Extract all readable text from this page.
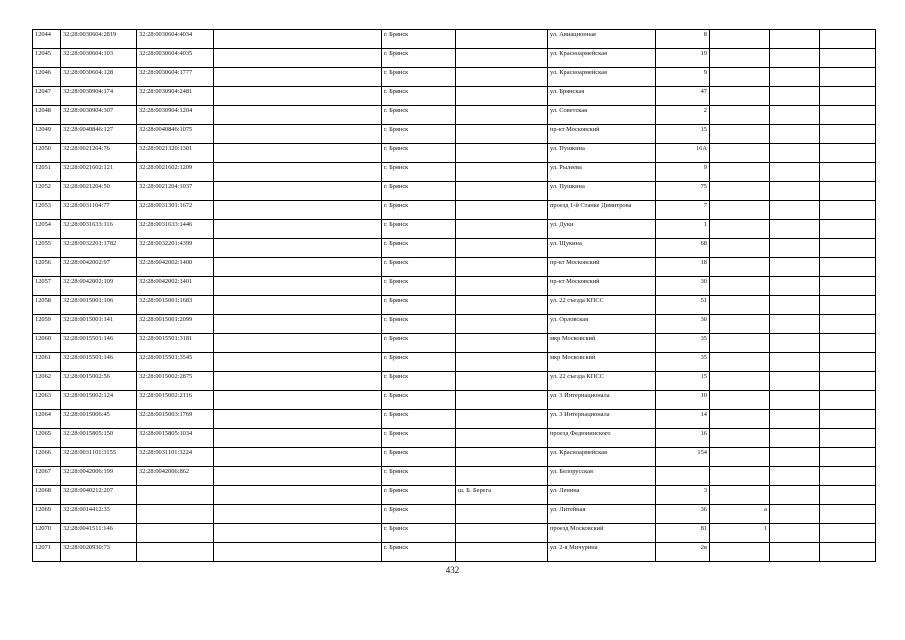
12044	32:28:0030604:2819	32:28:0030604:4034		г. Брянск		ул. Авиационная	8			
12045	32:28:0030604:103	32:28:0030604:4035		г. Брянск		ул. Красноармейская	19			
12046	32:28:0030604:128	32:28:0030604:1777		г. Брянск		ул. Красноармейская	9			
12047	32:28:0030904:174	32:28:0030904:2481		г. Брянск		ул. Брянская	47			
12048	32:28:0030904:307	32:28:0030904:1204		г. Брянск		ул. Советская	2			
12049	32:28:0040846:127	32:28:0040846:1075		г. Брянск		пр-кт Московский	15			
12050	32:28:0021204:76	32:28:0021320:1301		г. Брянск		ул. Пушкина	16А			
12051	32:28:0021602:121	32:28:0021602:1209		г. Брянск		ул. Рылеева	9			
12052	32:28:0021204:50	32:28:0021204:1037		г. Брянск		ул. Пушкина	75			
12053	32:28:0031104:77	32:28:0031301:1672		г. Брянск		проезд 1-й Станке Димитрова	7			
12054	32:28:0031633:116	32:28:0031633:1446		г. Брянск		ул. Дуки	1			
12055	32:28:0032201:1782	32:28:0032201:4399		г. Брянск		ул. Щукина	68			
12056	32:28:0042002:97	32:28:0042002:1400		г. Брянск		пр-кт Московский	18			
12057	32:28:0042002:109	32:28:0042002:1401		г. Брянск		пр-кт Московский	30			
12058	32:28:0015001:106	32:28:0015001:1683		г. Брянск		ул. 22 съезда КПСС	51			
12059	32:28:0015001:141	32:28:0015001:2099		г. Брянск		ул. Орловская	30			
12060	32:28:0015501:146	32:28:0015501:3181		г. Брянск		мкр Московский	35			
12061	32:28:0015501:146	32:28:0015501:3545		г. Брянск		мкр Московский	35			
12062	32:28:0015002:56	32:28:0015002:2875		г. Брянск		ул. 22 съезда КПСС	15			
12063	32:28:0015002:124	32:28:0015002:2116		г. Брянск		ул. 3 Интернационала	10			
12064	32:28:0015006:45	32:28:0015003:1769		г. Брянск		ул. 3 Интернационала	14			
12065	32:28:0015805:150	32:28:0015805:1034		г. Брянск		проезд Федюнинского	16			
12066	32:28:0031101:3155	32:28:0031101:3224		г. Брянск		ул. Красноармейская	154			
12067	32:28:0042006:199	32:28:0042006:862		г. Брянск		ул. Белорусская				
12068	32:28:0040212:207			г. Брянск	ш. Б. Берега	ул. Ленина	3			
12069	32:28:0014412:33			г. Брянск		ул. Литейная	36	а		
12070	32:28:0041511:146			г. Брянск		проезд Московский	81	1		
12071	32:28:0020930:73			г. Брянск		ул. 2-я Мичурина	2в			
432
